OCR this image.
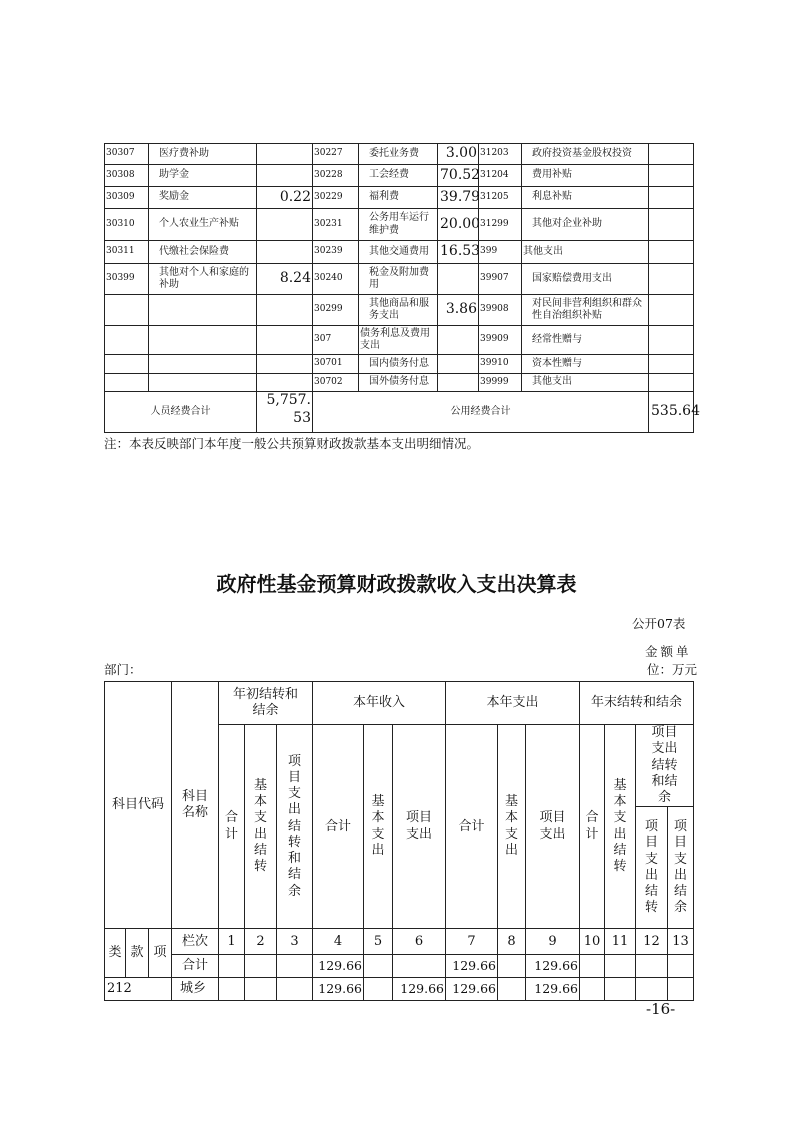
30307	医疗费补助		30227	委托业务费	3.00	31203	政府投资基金股权投资	
30308	助学金		30228	工会经费	70.52	31204	费用补贴	
30309	奖励金	0.22	30229	福利费	39.79	31205	利息补贴	
30310	个人农业生产补贴		30231	公务用车运行维护费	20.00	31299	其他对企业补助	
30311	代缴社会保险费		30239	其他交通费用	16.53	399	其他支出	
30399	其他对个人和家庭的补助	8.24	30240	税金及附加费用		39907	国家赔偿费用支出	
			30299	其他商品和服务支出	3.86	39908	对民间非营利组织和群众性自治组织补贴	
			307	债务利息及费用支出		39909	经常性赠与	
			30701	国内债务付息		39910	资本性赠与	
			30702	国外债务付息		39999	其他支出	
人员经费合计		5,757.53	公用经费合计					535.64
注：本表反映部门本年度一般公共预算财政拨款基本支出明细情况。
政府性基金预算财政拨款收入支出决算表
公开07表
金额单
位：万元
部门：
科目代码			科目名称	年初结转和结余			本年收入			本年支出			年末结转和结余			
				合计	基本支出结转	项目支出结转和结余	合计	基本支出	项目支出	合计	基本支出	项目支出	合计	基本支出结转	项目支出结转和结余	
															项目支出结转	项目支出结余
类	款	项	栏次	1	2	3	4	5	6	7	8	9	10	11	12	13
			合计				129.66			129.66		129.66				
212			城乡				129.66		129.66	129.66		129.66				
-16-
